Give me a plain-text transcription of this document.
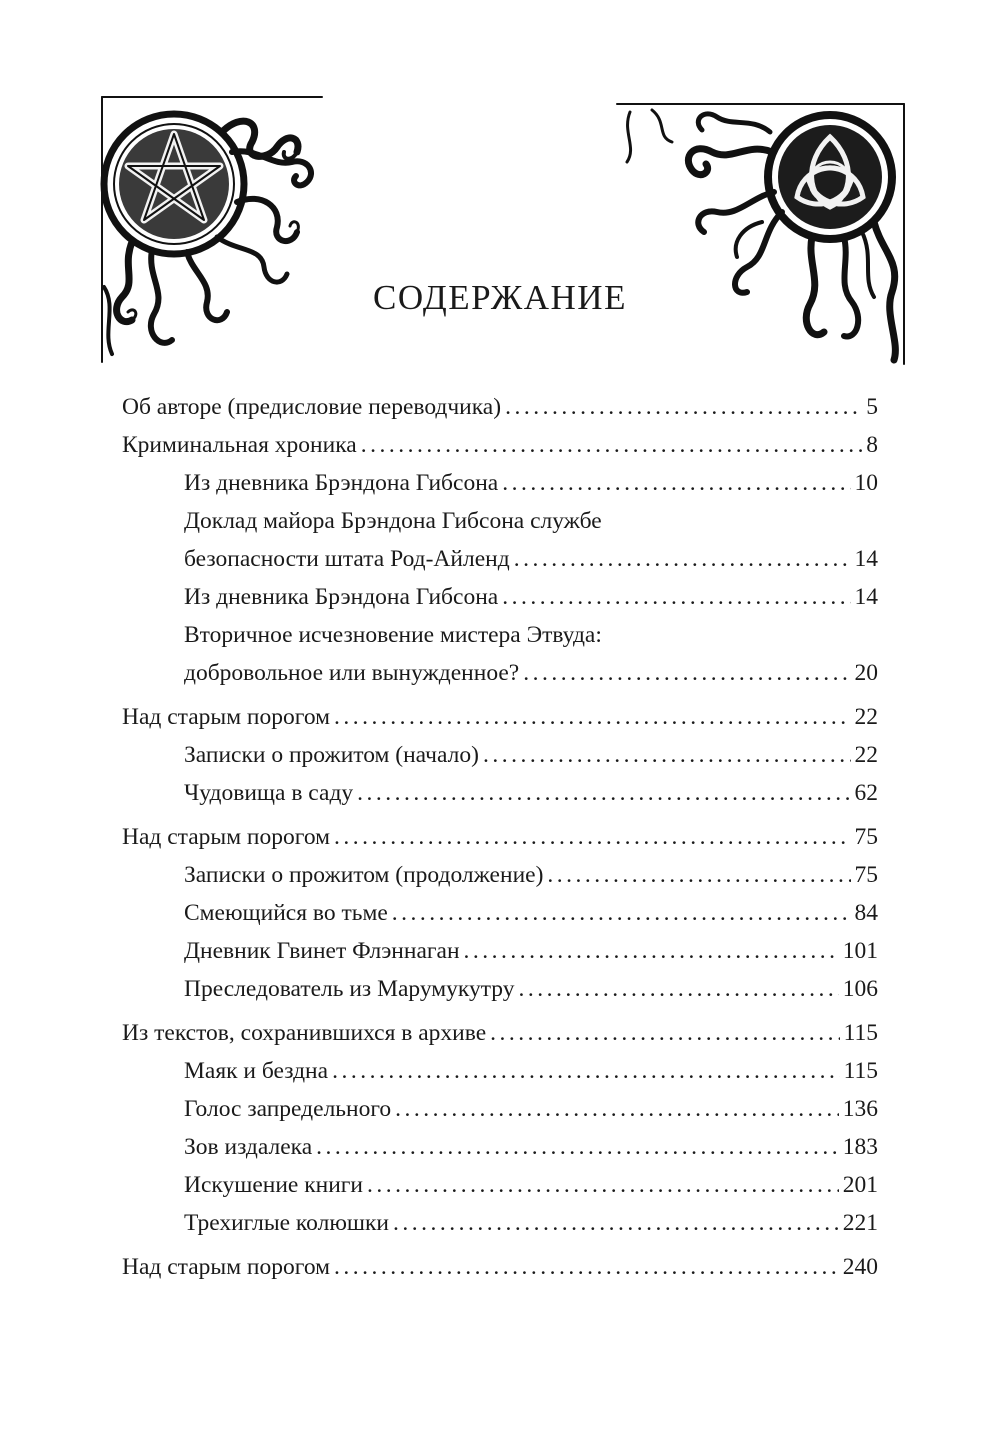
СОДЕРЖАНИЕ
Об авторе (предисловие переводчика) .....	5
Криминальная хроника .....	8
Из дневника Брэндона Гибсона .....	10
Доклад майора Брэндона Гибсона службе
безопасности штата Род-Айленд .....	14
Из дневника Брэндона Гибсона .....	14
Вторичное исчезновение мистера Этвуда:
добровольное или вынужденное? .....	20
Над старым порогом .....	22
Записки о прожитом (начало) .....	22
Чудовища в саду .....	62
Над старым порогом .....	75
Записки о прожитом (продолжение) .....	75
Смеющийся во тьме .....	84
Дневник Гвинет Флэннаган .....	101
Преследователь из Марумукутру .....	106
Из текстов, сохранившихся в архиве .....	115
Маяк и бездна .....	115
Голос запредельного .....	136
Зов издалека .....	183
Искушение книги .....	201
Трехиглые колюшки .....	221
Над старым порогом .....	240
